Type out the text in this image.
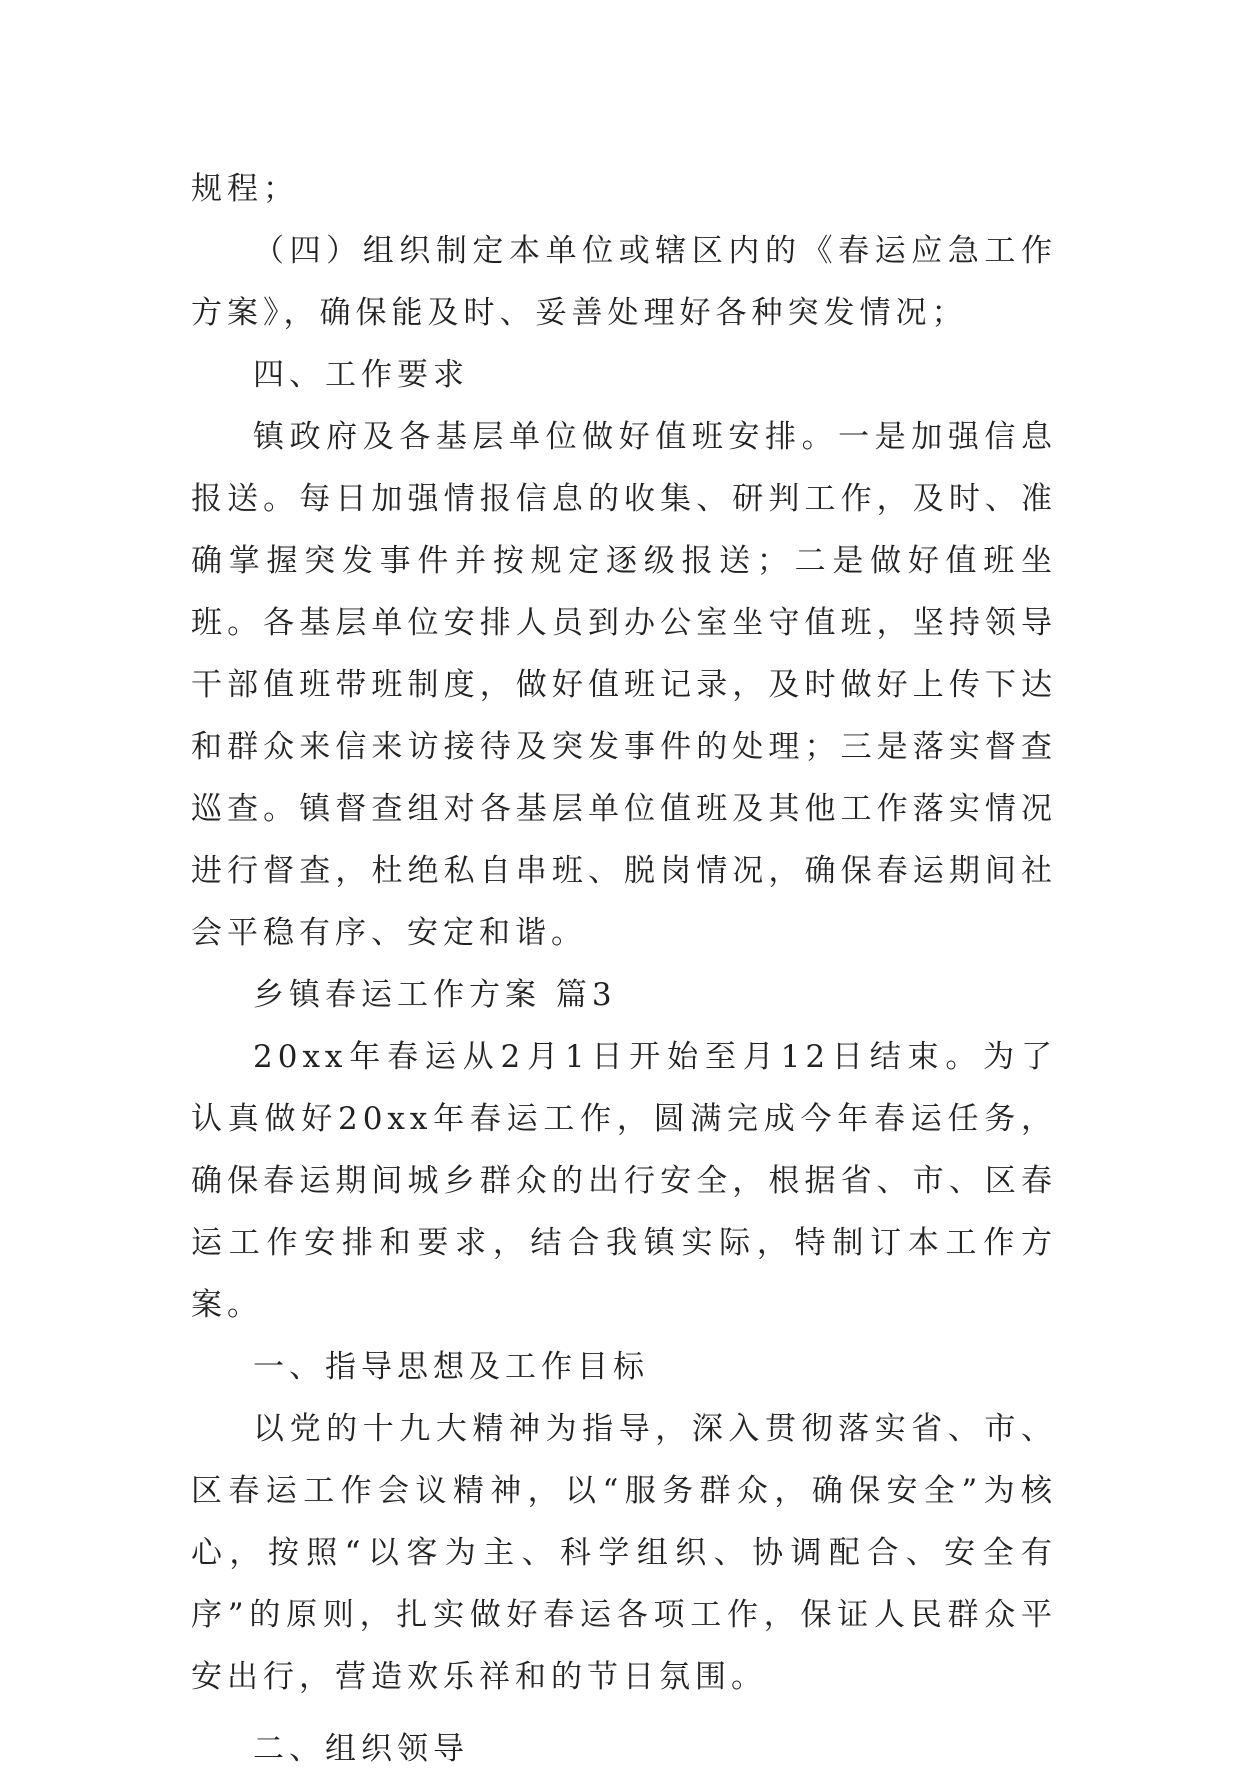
规程；

（四）组织制定本单位或辖区内的《春运应急工作方案》，确保能及时、妥善处理好各种突发情况；

四、工作要求

镇政府及各基层单位做好值班安排。一是加强信息报送。每日加强情报信息的收集、研判工作，及时、准确掌握突发事件并按规定逐级报送；二是做好值班坐班。各基层单位安排人员到办公室坐守值班，坚持领导干部值班带班制度，做好值班记录，及时做好上传下达和群众来信来访接待及突发事件的处理；三是落实督查巡查。镇督查组对各基层单位值班及其他工作落实情况进行督查，杜绝私自串班、脱岗情况，确保春运期间社会平稳有序、安定和谐。

乡镇春运工作方案 篇3

20xx年春运从2月1日开始至月12日结束。为了认真做好20xx年春运工作，圆满完成今年春运任务，确保春运期间城乡群众的出行安全，根据省、市、区春运工作安排和要求，结合我镇实际，特制订本工作方案。

一、指导思想及工作目标

以党的十九大精神为指导，深入贯彻落实省、市、区春运工作会议精神，以“服务群众，确保安全”为核心，按照“以客为主、科学组织、协调配合、安全有序”的原则，扎实做好春运各项工作，保证人民群众平安出行，营造欢乐祥和的节日氛围。

二、组织领导
